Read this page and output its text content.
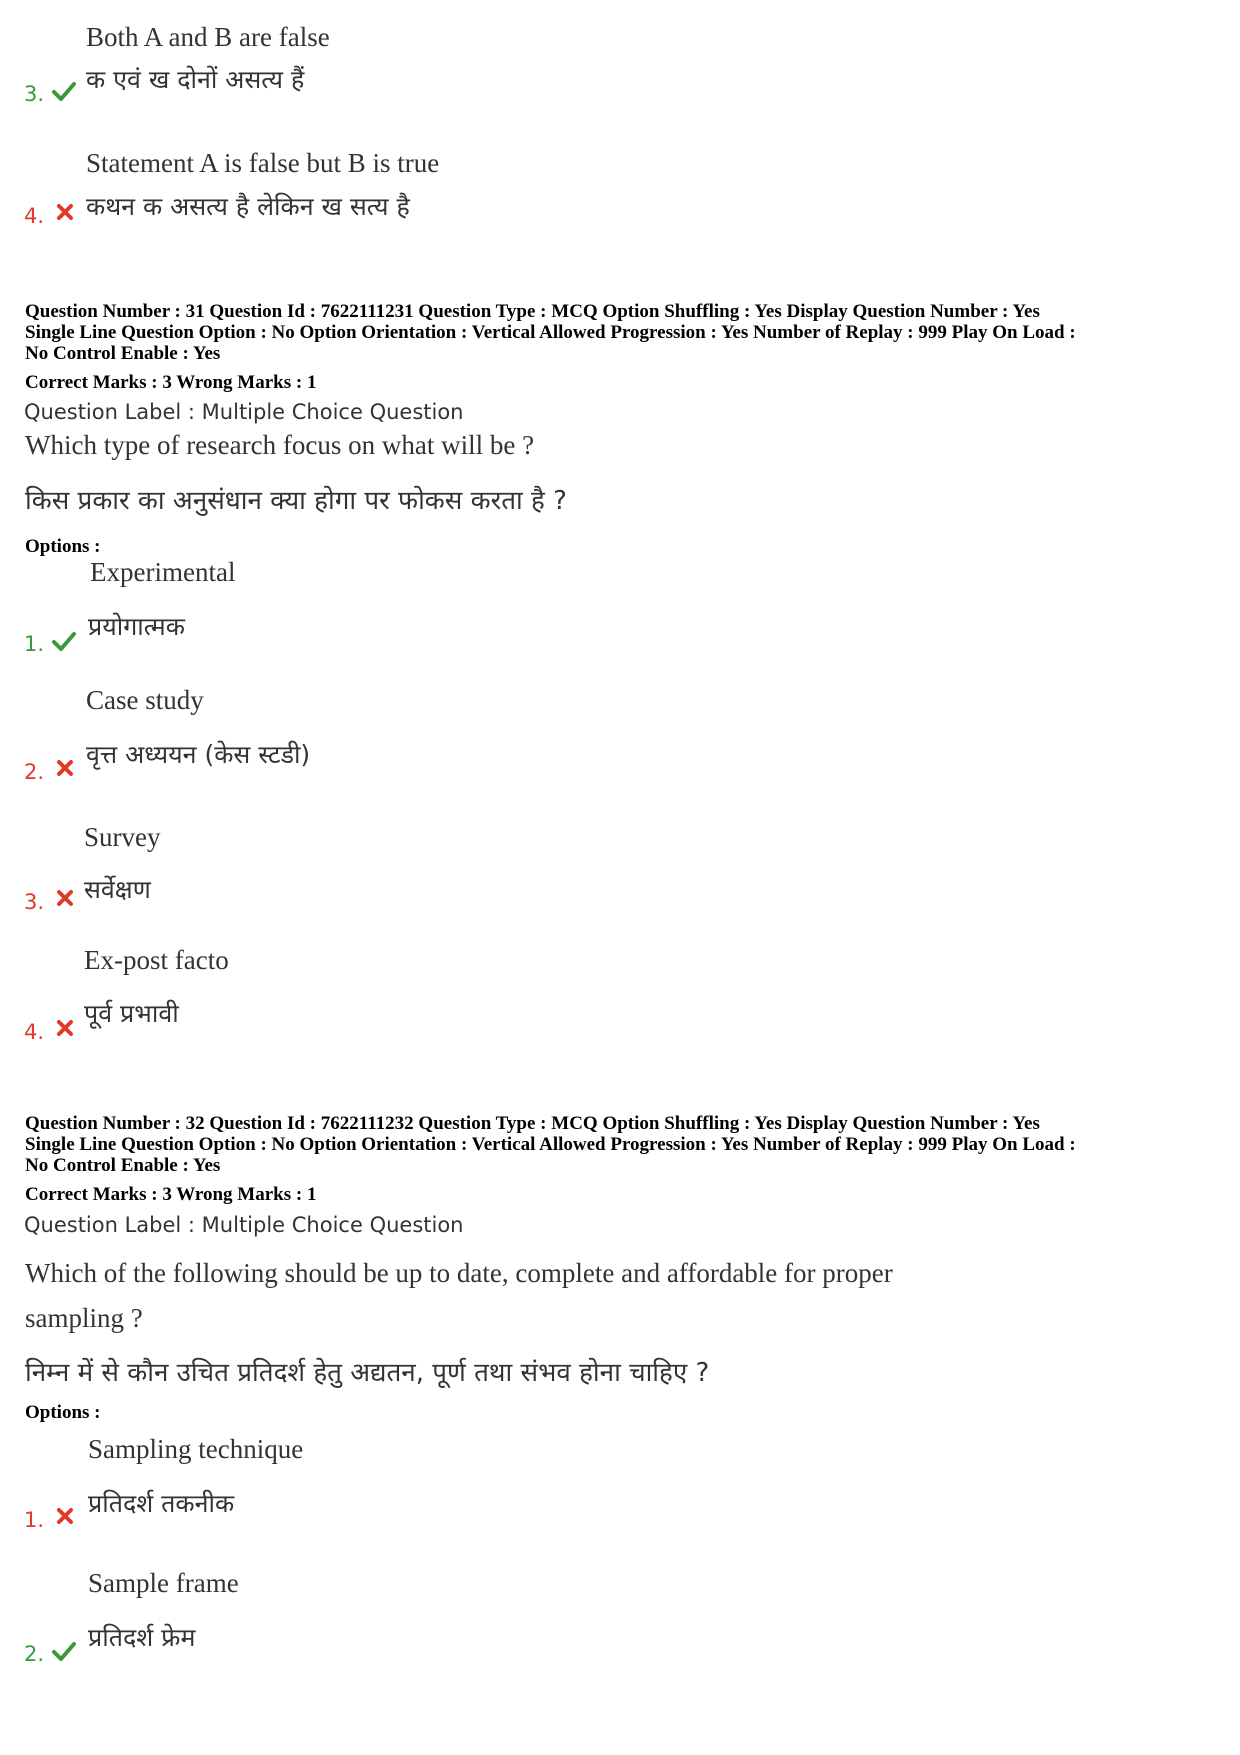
Both A and B are false
क एवं ख दोनों असत्य हैं
3.
Statement A is false but B is true
कथन क असत्य है लेकिन ख सत्य है
4.
Question Number : 31 Question Id : 7622111231 Question Type : MCQ Option Shuffling : Yes Display Question Number : Yes
Single Line Question Option : No Option Orientation : Vertical Allowed Progression : Yes Number of Replay : 999 Play On Load :
No Control Enable : Yes
Correct Marks : 3 Wrong Marks : 1
Question Label : Multiple Choice Question
Which type of research focus on what will be ?
किस प्रकार का अनुसंधान क्या होगा पर फोकस करता है ?
Options :
Experimental
प्रयोगात्मक
1.
Case study
वृत्त अध्ययन (केस स्टडी)
2.
Survey
सर्वेक्षण
3.
Ex-post facto
पूर्व प्रभावी
4.
Question Number : 32 Question Id : 7622111232 Question Type : MCQ Option Shuffling : Yes Display Question Number : Yes
Single Line Question Option : No Option Orientation : Vertical Allowed Progression : Yes Number of Replay : 999 Play On Load :
No Control Enable : Yes
Correct Marks : 3 Wrong Marks : 1
Question Label : Multiple Choice Question
Which of the following should be up to date, complete and affordable for proper
sampling ?
निम्न में से कौन उचित प्रतिदर्श हेतु अद्यतन, पूर्ण तथा संभव होना चाहिए ?
Options :
Sampling technique
प्रतिदर्श तकनीक
1.
Sample frame
प्रतिदर्श फ्रेम
2.
